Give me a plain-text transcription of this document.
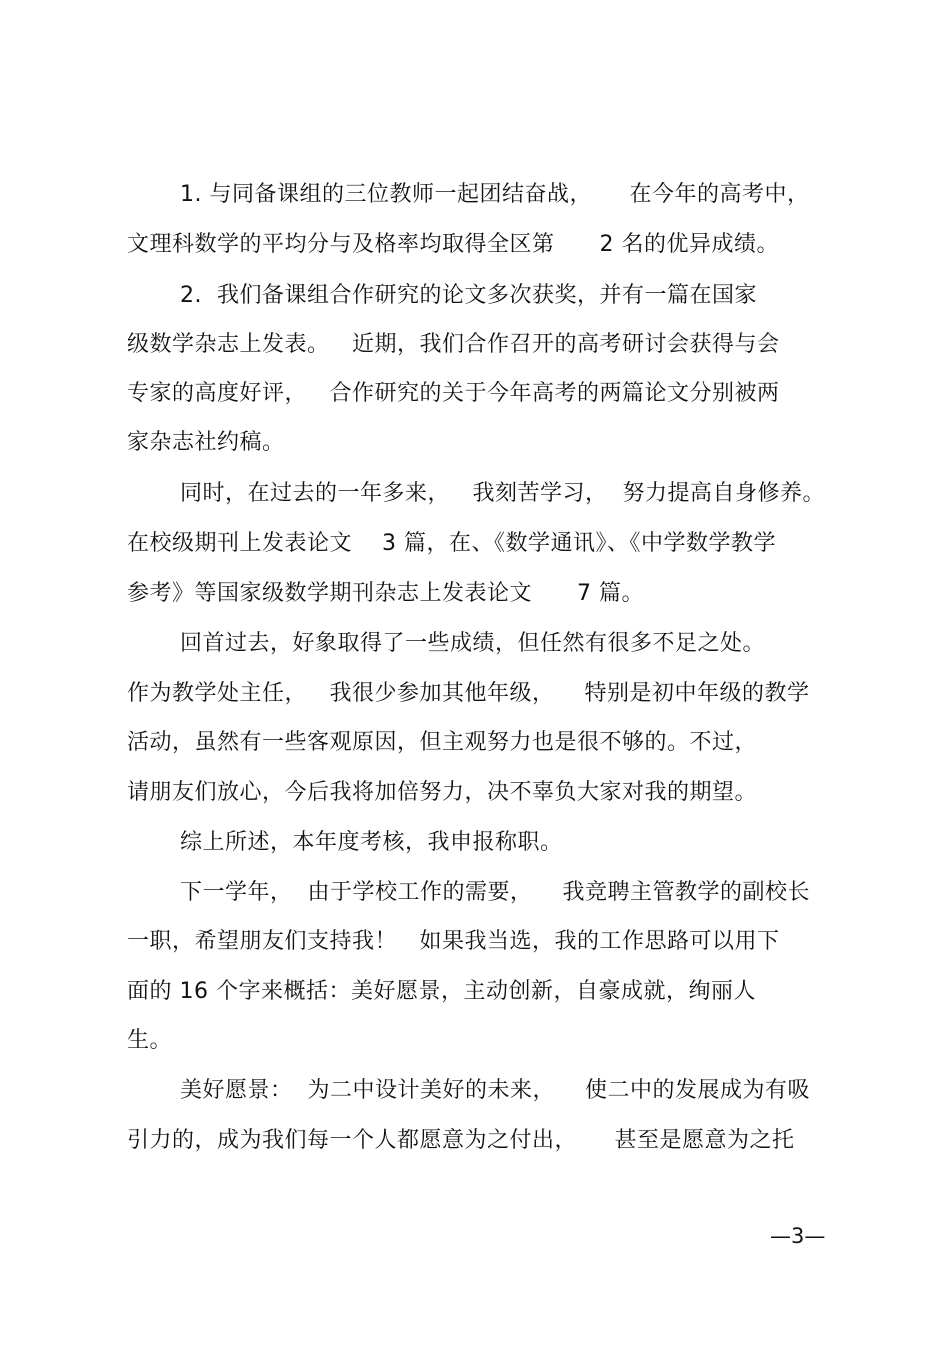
1. 与同备课组的三位教师一起团结奋战，     在今年的高考中，
文理科数学的平均分与及格率均取得全区第      2 名的优异成绩。
2.  我们备课组合作研究的论文多次获奖，并有一篇在国家
级数学杂志上发表。   近期，我们合作召开的高考研讨会获得与会
专家的高度好评，   合作研究的关于今年高考的两篇论文分别被两
家杂志社约稿。
同时，在过去的一年多来，   我刻苦学习，  努力提高自身修养。
在校级期刊上发表论文    3 篇，在、《数学通讯》、《中学数学教学
参考》等国家级数学期刊杂志上发表论文      7 篇。
回首过去，好象取得了一些成绩，但任然有很多不足之处。
作为教学处主任，   我很少参加其他年级，    特别是初中年级的教学
活动，虽然有一些客观原因，但主观努力也是很不够的。不过，
请朋友们放心，今后我将加倍努力，决不辜负大家对我的期望。
综上所述，本年度考核，我申报称职。
下一学年，  由于学校工作的需要，    我竞聘主管教学的副校长
一职，希望朋友们支持我！   如果我当选，我的工作思路可以用下
面的 16 个字来概括：美好愿景，主动创新，自豪成就，绚丽人
生。
美好愿景：  为二中设计美好的未来，    使二中的发展成为有吸
引力的，成为我们每一个人都愿意为之付出，     甚至是愿意为之托
—3—
